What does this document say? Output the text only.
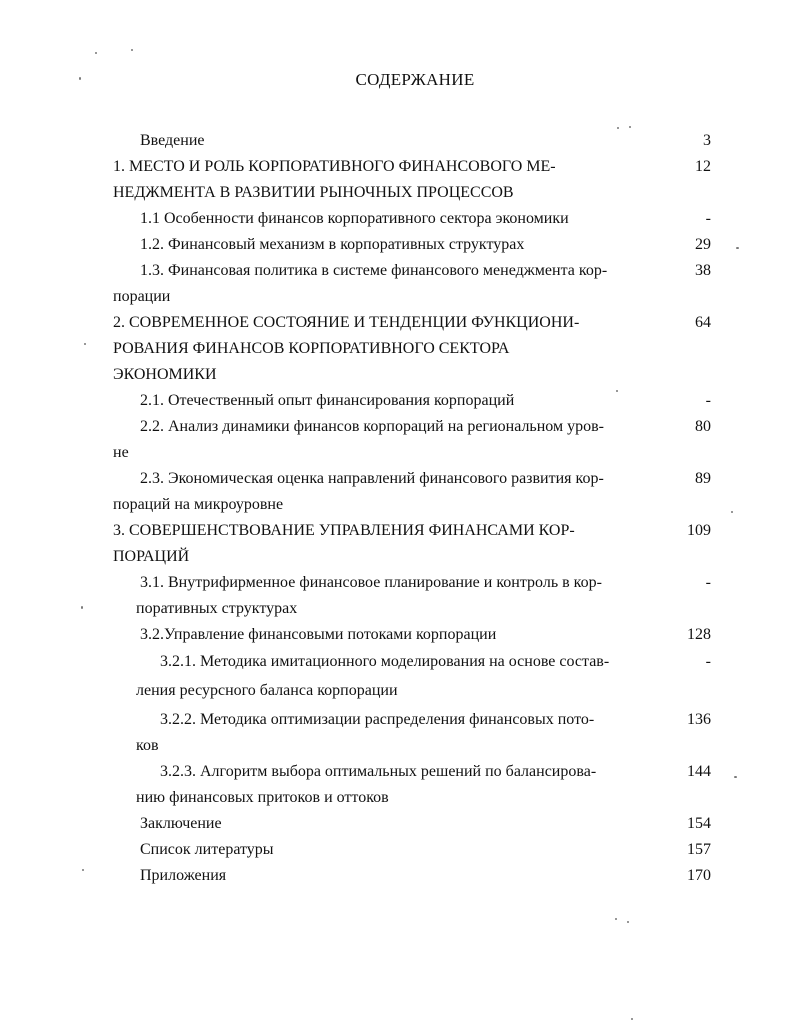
СОДЕРЖАНИЕ
Введение	3
1. МЕСТО И РОЛЬ КОРПОРАТИВНОГО ФИНАНСОВОГО МЕ-	12
НЕДЖМЕНТА В РАЗВИТИИ РЫНОЧНЫХ ПРОЦЕССОВ
1.1 Особенности финансов корпоративного сектора экономики	-
1.2. Финансовый механизм в корпоративных структурах	29
1.3. Финансовая политика в системе финансового менеджмента кор-	38
порации
2. СОВРЕМЕННОЕ СОСТОЯНИЕ И ТЕНДЕНЦИИ ФУНКЦИОНИ-	64
РОВАНИЯ ФИНАНСОВ КОРПОРАТИВНОГО СЕКТОРА
ЭКОНОМИКИ
2.1. Отечественный опыт финансирования корпораций	-
2.2. Анализ динамики финансов корпораций на региональном уров-	80
не
2.3. Экономическая оценка направлений финансового развития кор-	89
пораций на микроуровне
3. СОВЕРШЕНСТВОВАНИЕ УПРАВЛЕНИЯ ФИНАНСАМИ КОР-	109
ПОРАЦИЙ
3.1. Внутрифирменное финансовое планирование и контроль в кор-	-
поративных структурах
3.2.Управление финансовыми потоками корпорации	128
3.2.1. Методика имитационного моделирования на основе состав-	-
ления ресурсного баланса корпорации
3.2.2. Методика оптимизации распределения финансовых пото-	136
ков
3.2.3. Алгоритм выбора оптимальных решений по балансирова-	144
нию финансовых притоков и оттоков
Заключение	154
Список литературы	157
Приложения	170
